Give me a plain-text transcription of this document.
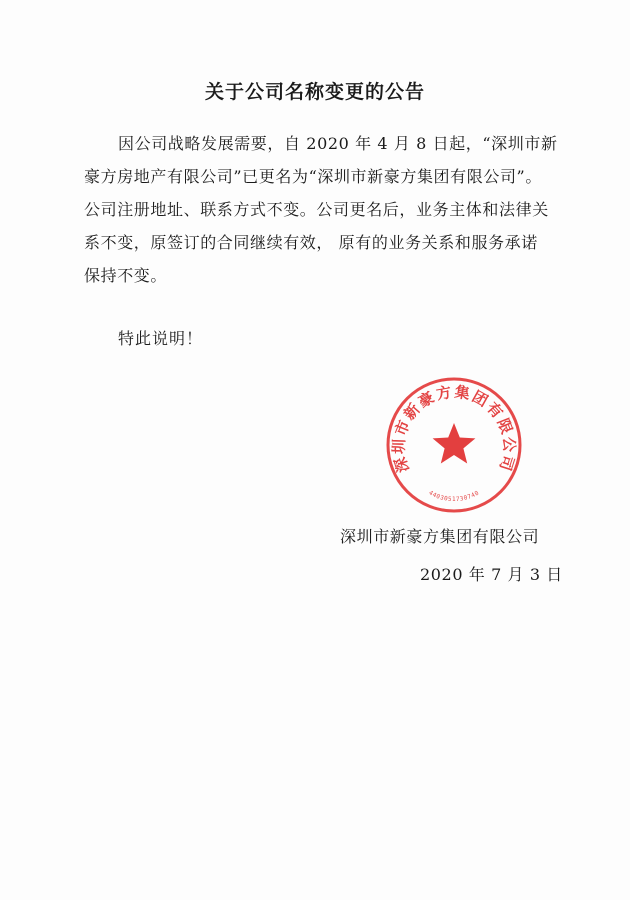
关于公司名称变更的公告
因公司战略发展需要，自 2020 年 4 月 8 日起，“深圳市新
豪方房地产有限公司”已更名为“深圳市新豪方集团有限公司”。
公司注册地址、联系方式不变。公司更名后，业务主体和法律关
系不变，原签订的合同继续有效， 原有的业务关系和服务承诺
保持不变。
特此说明！
深圳市新豪方集团有限公司
4403051730740
深圳市新豪方集团有限公司
2020 年 7 月 3 日
